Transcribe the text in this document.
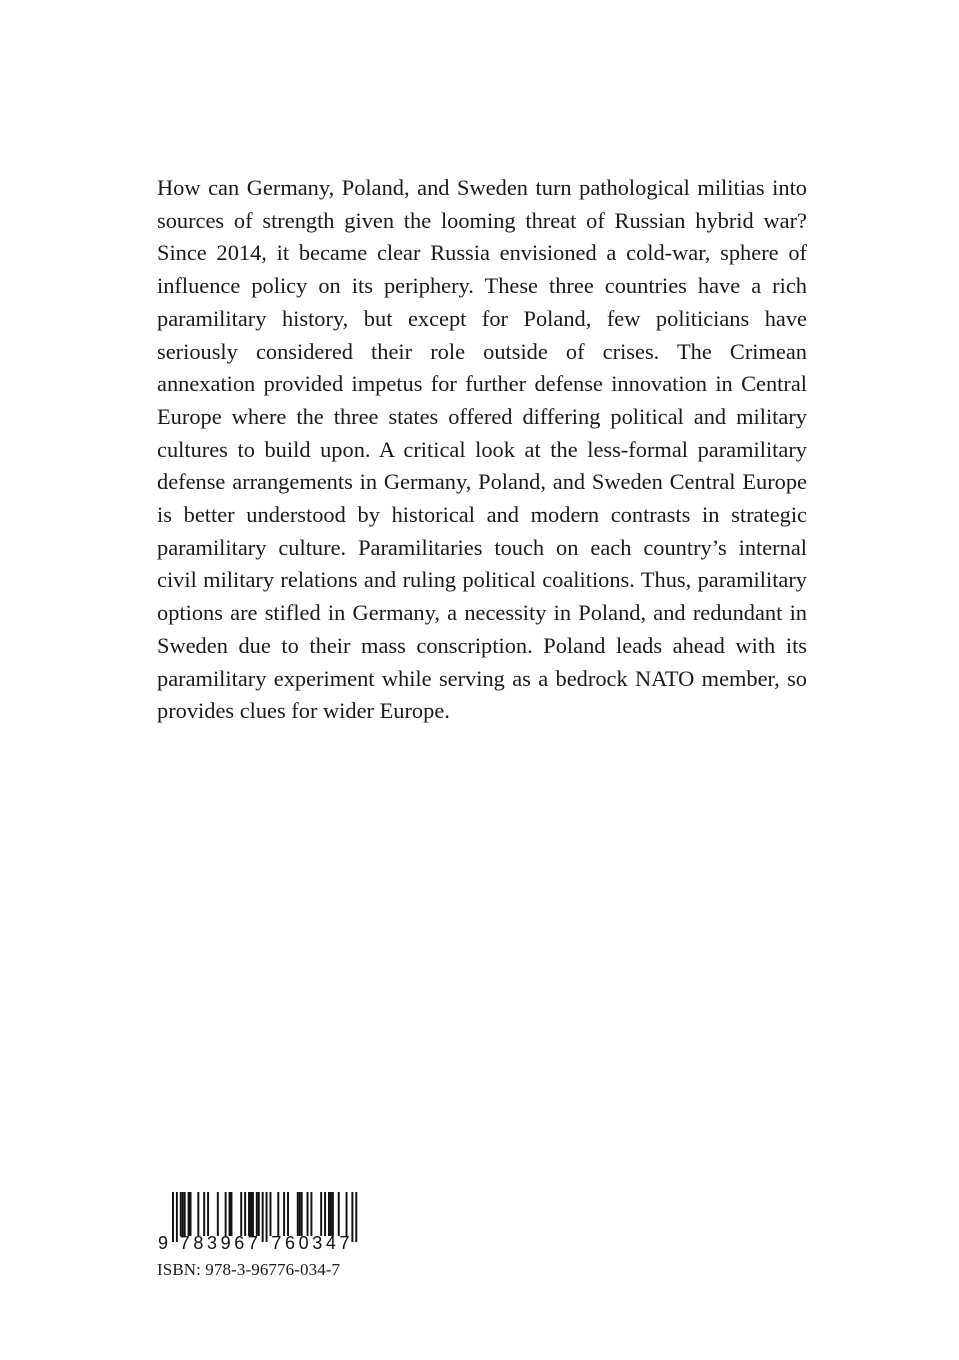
How can Germany, Poland, and Sweden turn pathological militias into sources of strength given the looming threat of Russian hybrid war? Since 2014, it became clear Russia envisioned a cold-war, sphere of influence policy on its periphery. These three countries have a rich paramilitary history, but except for Poland, few politicians have seriously considered their role outside of crises. The Crimean annexation provided impetus for further defense innovation in Central Europe where the three states offered differing political and military cultures to build upon. A critical look at the less-formal paramilitary defense arrangements in Germany, Poland, and Sweden Central Europe is better understood by historical and modern contrasts in strategic paramilitary culture. Paramilitaries touch on each country’s internal civil military relations and ruling political coalitions. Thus, paramilitary options are stifled in Germany, a necessity in Poland, and redundant in Sweden due to their mass conscription. Poland leads ahead with its paramilitary experiment while serving as a bedrock NATO member, so provides clues for wider Europe.

9 7 8 3 9 6 7 7 6 0 3 4 7

ISBN: 978-3-96776-034-7
